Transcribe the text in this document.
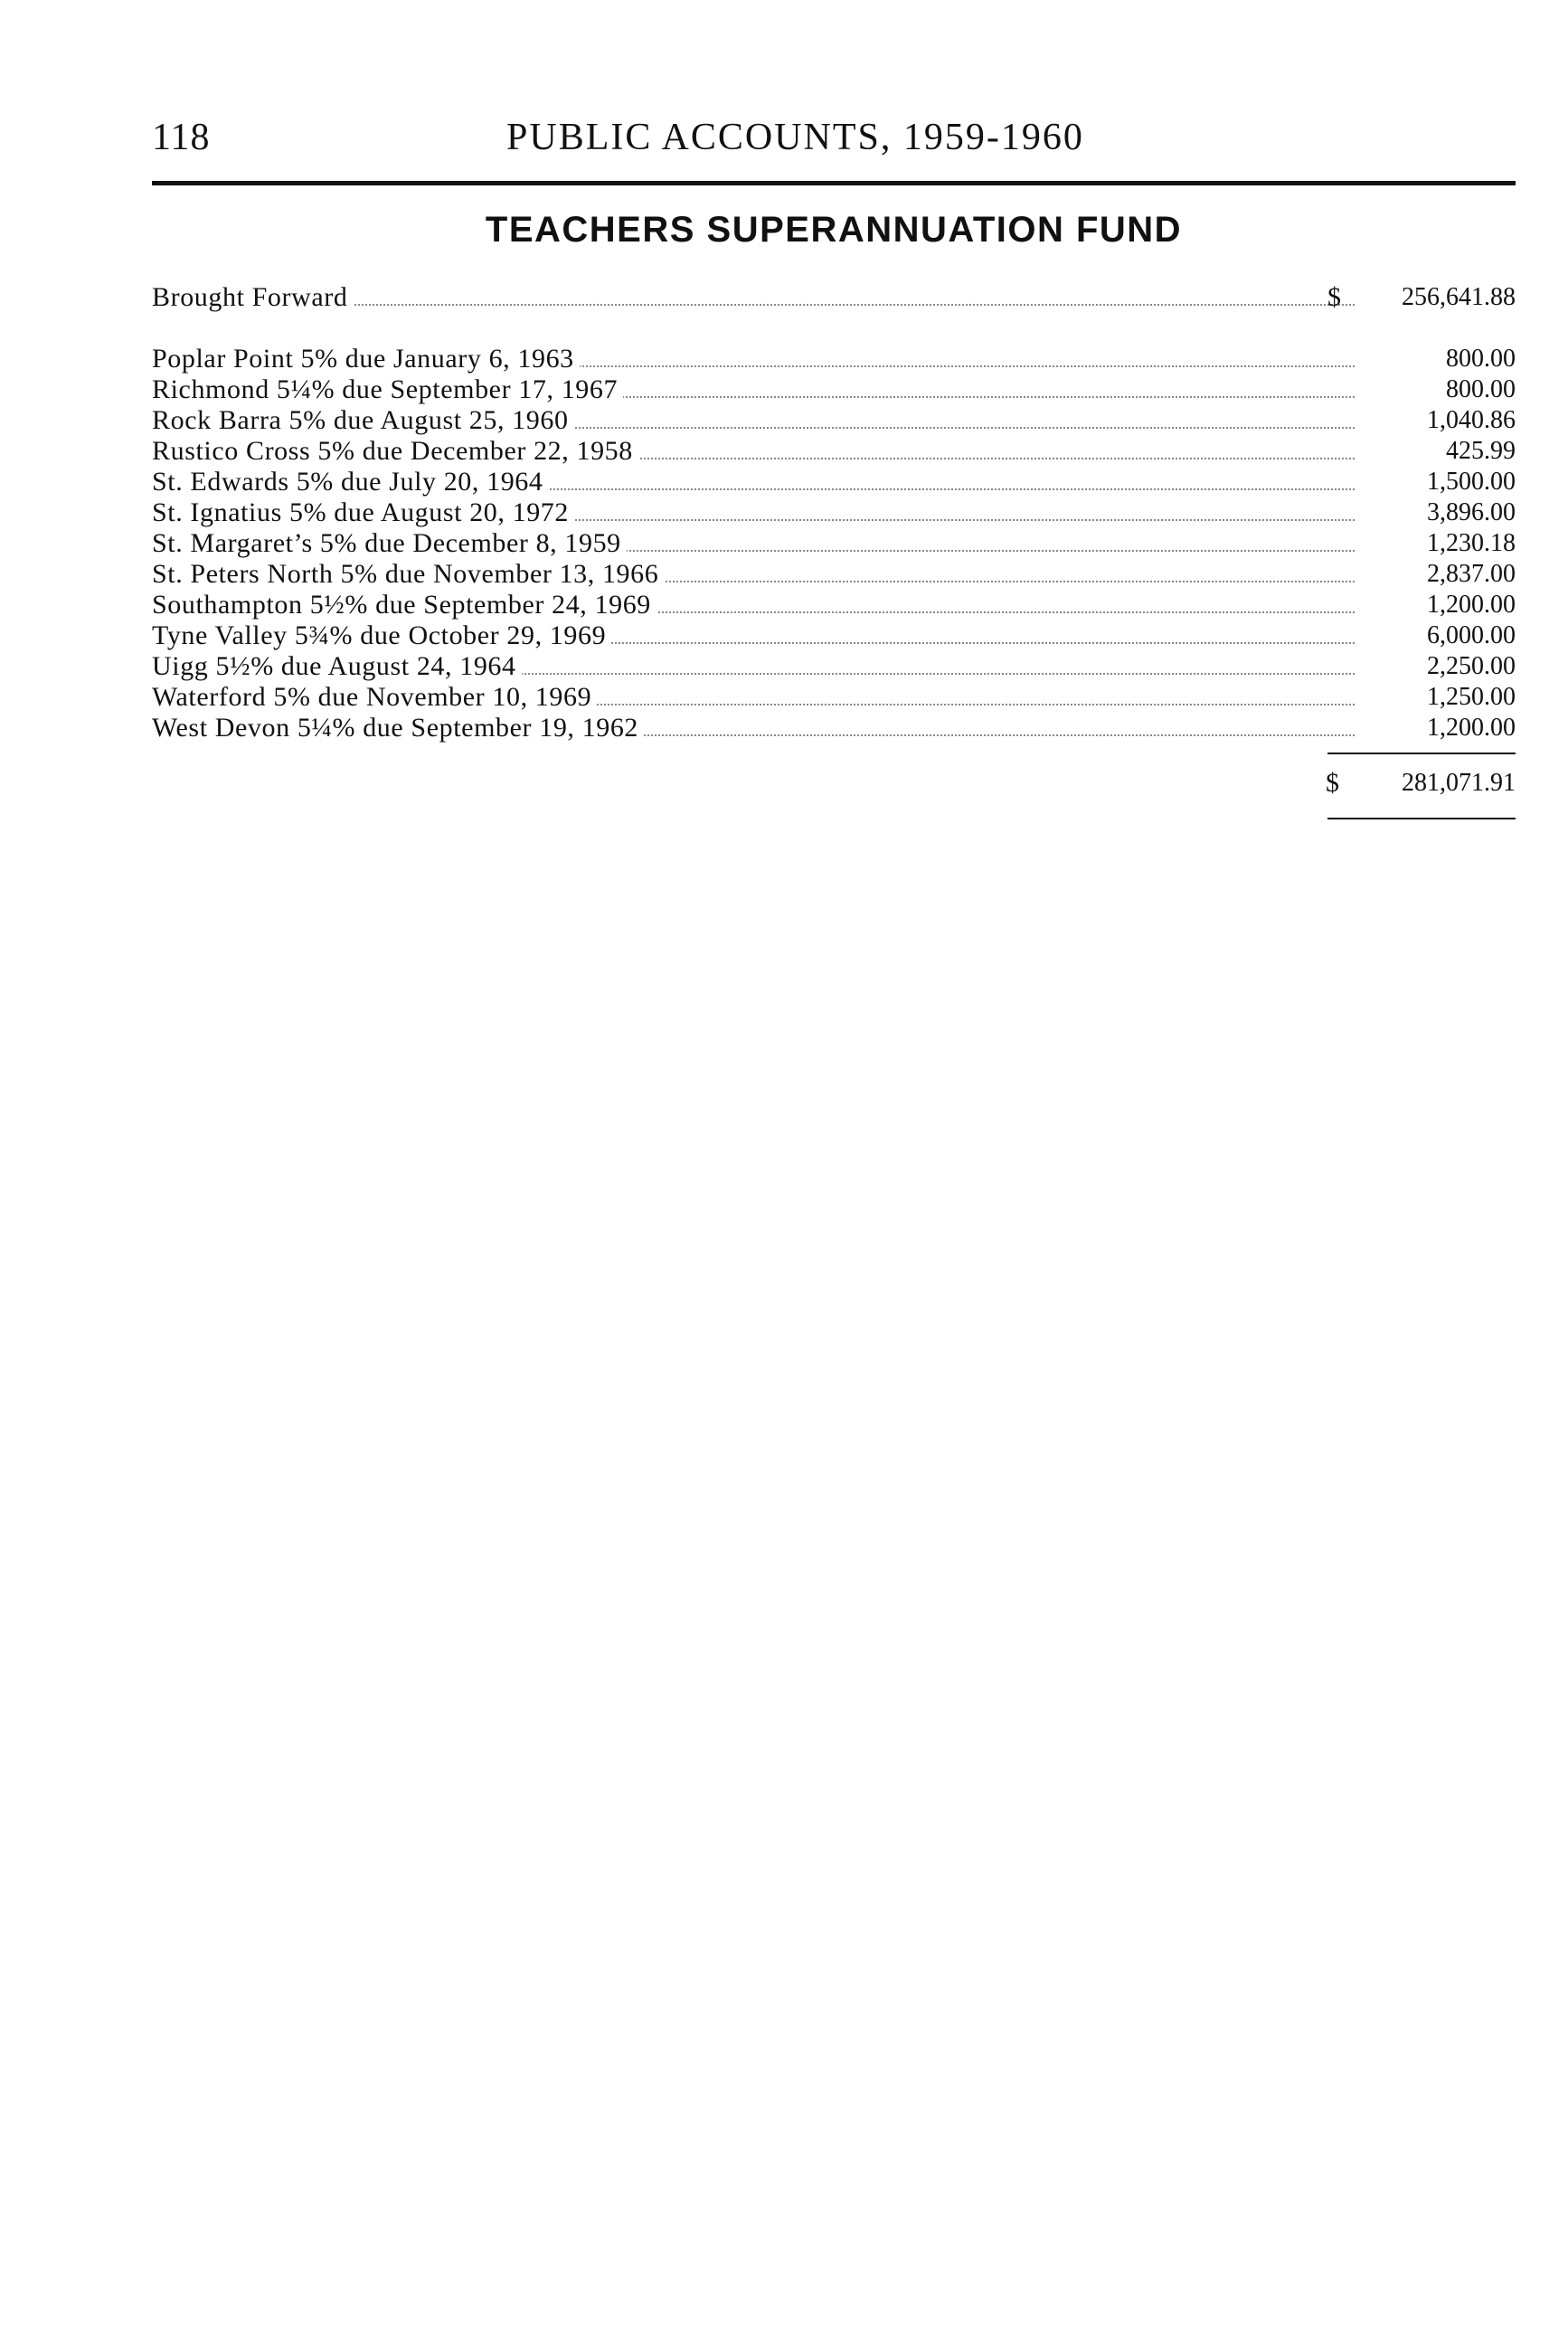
118	PUBLIC ACCOUNTS, 1959-1960
TEACHERS SUPERANNUATION FUND
Brought Forward	$ 256,641.88
Poplar Point 5% due January 6, 1963	800.00
Richmond 5¼% due September 17, 1967	800.00
Rock Barra 5% due August 25, 1960	1,040.86
Rustico Cross 5% due December 22, 1958	425.99
St. Edwards 5% due July 20, 1964	1,500.00
St. Ignatius 5% due August 20, 1972	3,896.00
St. Margaret’s 5% due December 8, 1959	1,230.18
St. Peters North 5% due November 13, 1966	2,837.00
Southampton 5½% due September 24, 1969	1,200.00
Tyne Valley 5¾% due October 29, 1969	6,000.00
Uigg 5½% due August 24, 1964	2,250.00
Waterford 5% due November 10, 1969	1,250.00
West Devon 5¼% due September 19, 1962	1,200.00
$ 281,071.91
